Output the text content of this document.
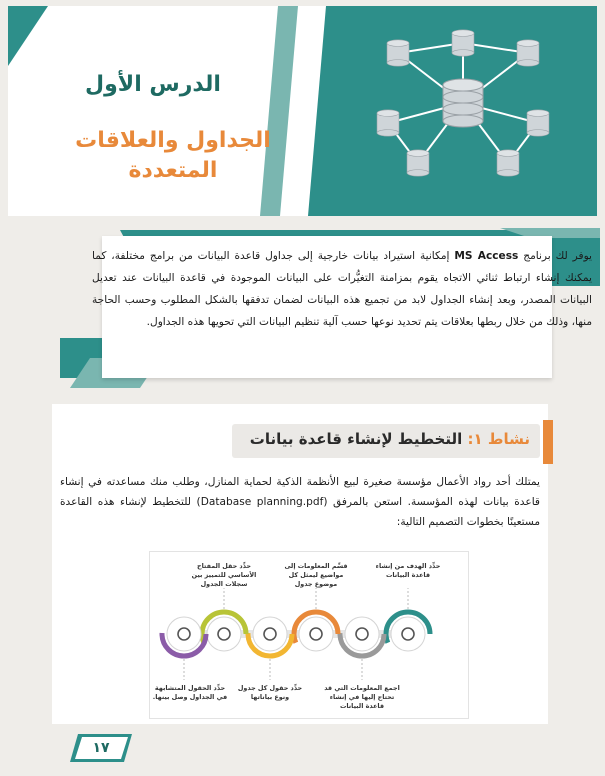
الدرس الأول
الجداول والعلاقات
المتعددة
يوفر لك برنامج MS Access إمكانية استيراد بيانات خارجية إلى جداول قاعدة البيانات من برامج مختلفة، كما يمكنك إنشاء ارتباط ثنائي الاتجاه يقوم بمزامنة التغيُّرات على البيانات الموجودة في قاعدة البيانات عند تعديل البيانات المصدر، وبعد إنشاء الجداول لابد من تجميع هذه البيانات لضمان تدفقها بالشكل المطلوب وحسب الحاجة منها، وذلك من خلال ربطها بعلاقات يتم تحديد نوعها حسب آلية تنظيم البيانات التي تحويها هذه الجداول.
نشاط ١: التخطيط لإنشاء قاعدة بيانات
يمتلك أحد رواد الأعمال مؤسسة صغيرة لبيع الأنظمة الذكية لحماية المنازل، وطلب منك مساعدته في إنشاء قاعدة بيانات لهذه المؤسسة. استعن بالمرفق (Database planning.pdf) للتخطيط لإنشاء هذه القاعدة مستعينًا بخطوات التصميم التالية:
حدِّد الهدف من إنشاء قاعدة البيانات
قسِّم المعلومات إلى مواضيع ليمثل كل موضوع جدول
حدِّد حقل المفتاح الأساسي للتمييز بين سجلات الجدول
اجمع المعلومات التي قد تحتاج إليها في إنشاء قاعدة البيانات
حدِّد حقول كل جدول ونوع بياناتها
حدِّد الحقول المتشابهة في الجداول وصل بينها.
١٧
